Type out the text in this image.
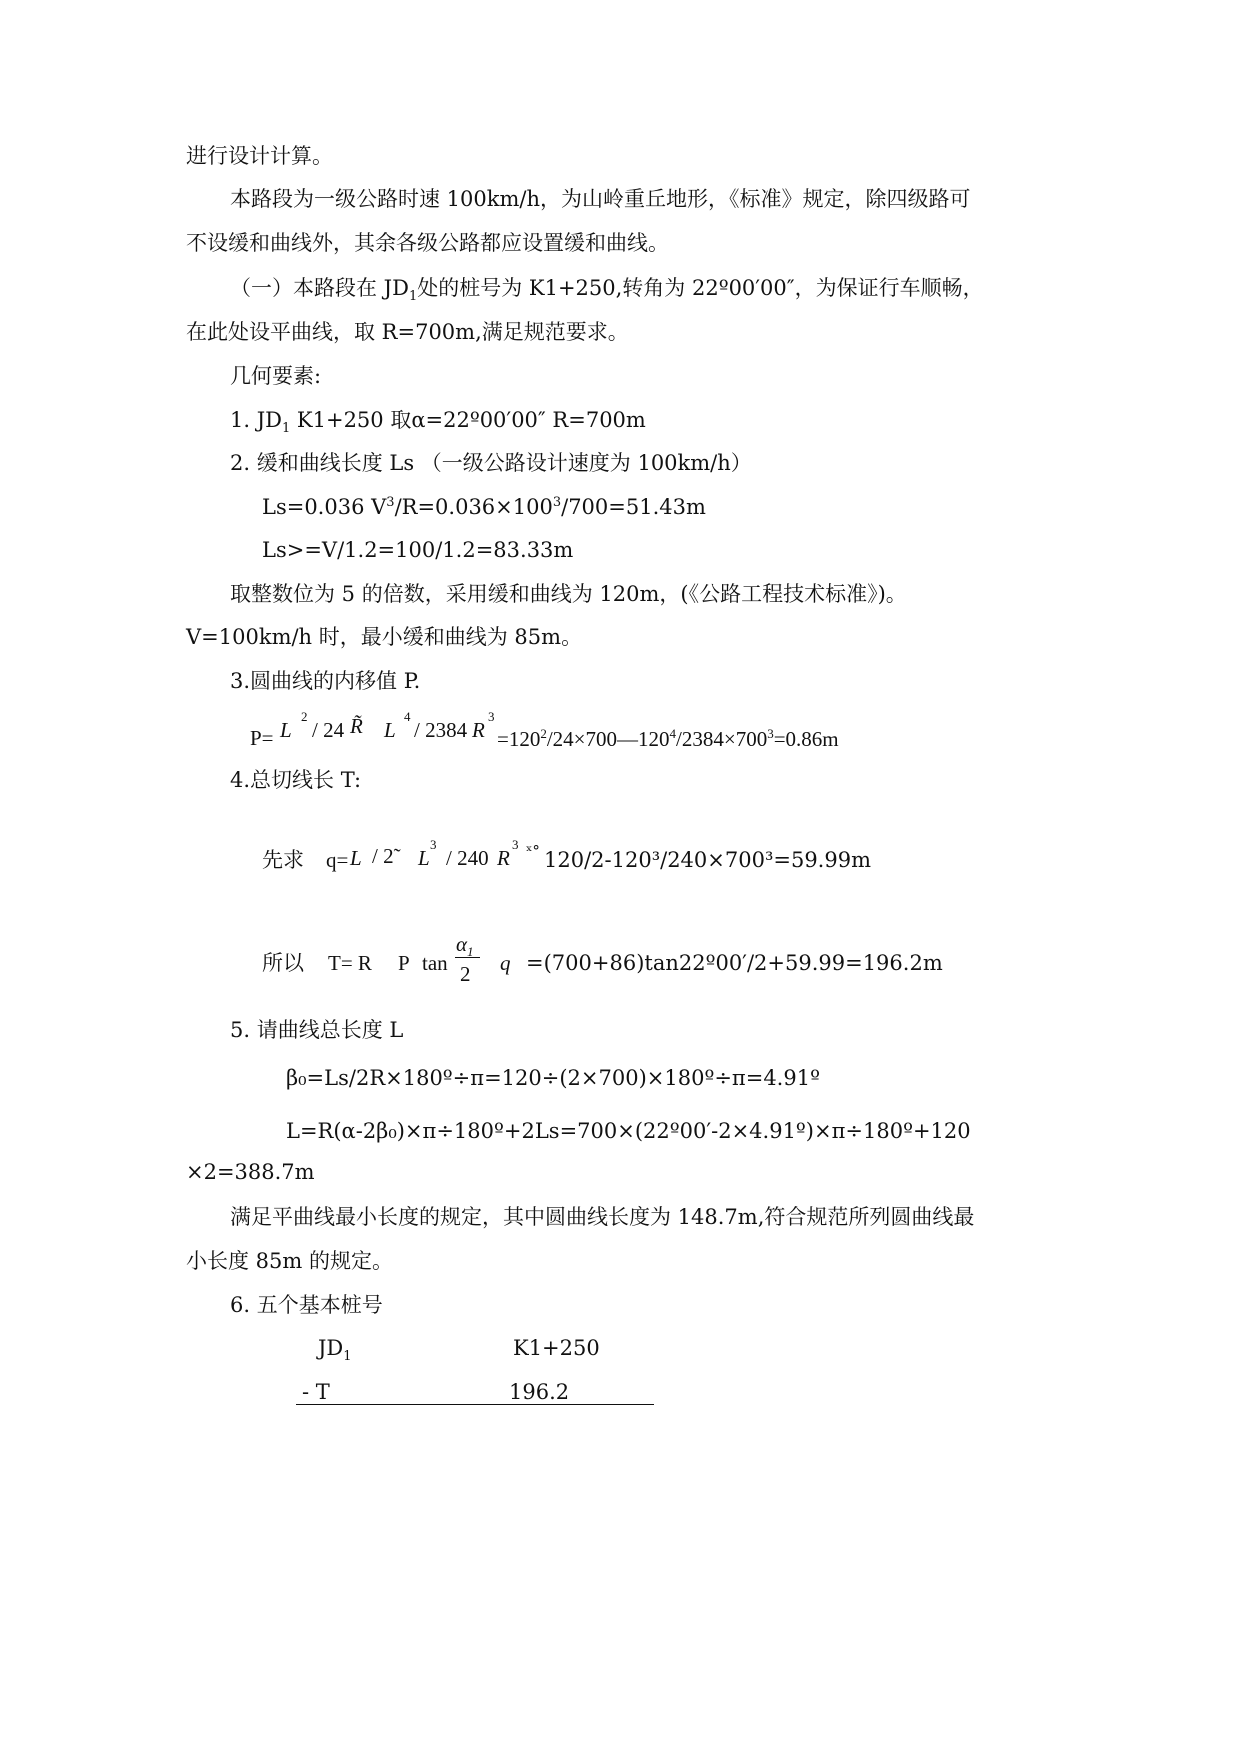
进行设计计算。
本路段为一级公路时速 100km/h，为山岭重丘地形，《标准》规定，除四级路可
不设缓和曲线外，其余各级公路都应设置缓和曲线。
（一）本路段在 $JD_1$处的桩号为 K1+250,转角为 22º00′00″，为保证行车顺畅，
在此处设平曲线，取 R=700m,满足规范要求。
几何要素:
1. $JD_1$ K1+250 取α=22º00′00″ R=700m
2. 缓和曲线长度 Ls （一级公路设计速度为 100km/h）
Ls=0.036 $V^3/R=0.036\times 100^3/700=51.43m$
Ls>=V/1.2=100/1.2=83.33m
取整数位为 5 的倍数，采用缓和曲线为 120m，(《公路工程技术标准》)。
V=100km/h 时，最小缓和曲线为 85m。
3.圆曲线的内移值 P.
P= L
2
/ 24 R̃ L
4
/ 2384 R
3
$=120^2/24\times 700—120^4/2384\times 700^3=0.86m$
4.总切线长 T:
先求 q= L / 2̃ L
3
/ 240 R
3 ˣ° 120/2-120³/240×700³=59.99m
所以 T= R P tan
$\alpha_1$
2 q =(700+86)tan22º00′/2+59.99=196.2m
5. 请曲线总长度 L
β₀=Ls/2R×180º÷π=120÷(2×700)×180º÷π=4.91º
L=R(α-2β₀)×π÷180º+2Ls=700×(22º00′-2×4.91º)×π÷180º+120
×2=388.7m
满足平曲线最小长度的规定，其中圆曲线长度为 148.7m,符合规范所列圆曲线最
小长度 85m 的规定。
6. 五个基本桩号
$JD_1$	K1+250
- T	196.2
